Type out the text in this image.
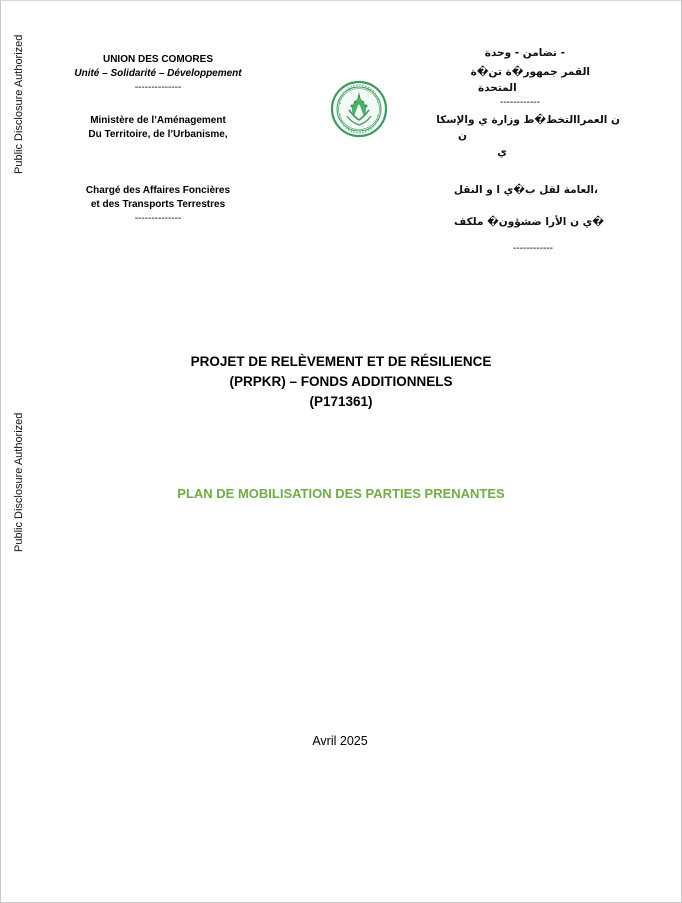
Public Disclosure Authorized
Public Disclosure Authorized
UNION DES COMORES
Unité – Solidarité – Développement
--------------
Ministère de l’Aménagement
Du Territoire, de l’Urbanisme,
Chargé des Affaires Foncières
et des Transports Terrestres
--------------
- تضامن - وحدة
القمر جمهور�ة تن�ة
المتحدة
------------
ن العمراالتخط�ط وزارة ي والإسكا
ن
ي
،العامة لقل ب�ي ا و النقل
�ي ن الأرا ضشؤون� ملكف
------------
PROJET DE RELÈVEMENT ET DE RÉSILIENCE
(PRPKR) – FONDS ADDITIONNELS
(P171361)
PLAN DE MOBILISATION DES PARTIES PRENANTES
Avril 2025
